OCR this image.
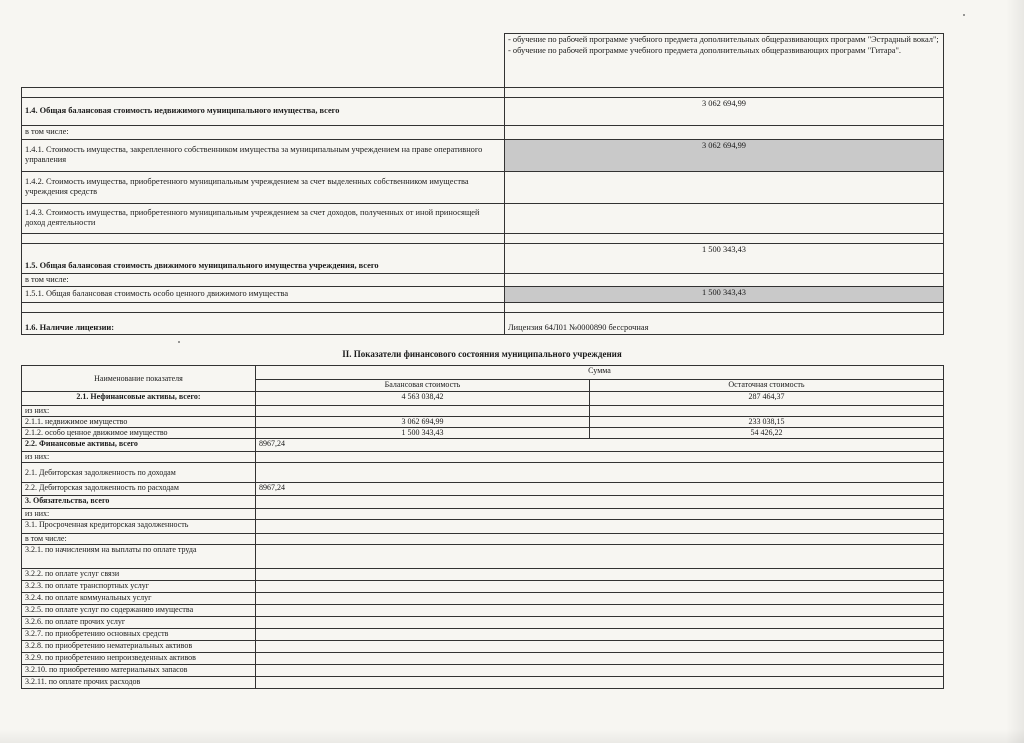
	- обучение по рабочей программе учебного предмета дополнительных общеразвивающих программ "Эстрадный вокал";
- обучение по рабочей программе учебного предмета дополнительных общеразвивающих программ "Гитара".

1.4. Общая балансовая стоимость недвижимого муниципального имущества, всего	3 062 694,99
в том числе:	
1.4.1. Стоимость имущества, закрепленного собственником имущества за муниципальным учреждением на праве оперативного управления	3 062 694,99
1.4.2. Стоимость имущества, приобретенного муниципальным учреждением за счет выделенных собственником имущества учреждения средств	
1.4.3. Стоимость имущества, приобретенного муниципальным учреждением за счет доходов, полученных от иной приносящей доход деятельности	

1.5. Общая балансовая стоимость движимого муниципального имущества учреждения, всего	1 500 343,43
в том числе:	
1.5.1. Общая балансовая стоимость особо ценного движимого имущества	1 500 343,43

1.6. Наличие лицензии:	Лицензия 64Л01 №0000890 бессрочная
II. Показатели финансового состояния муниципального учреждения
Наименование показателя	Сумма	
	Балансовая стоимость	Остаточная стоимость
2.1. Нефинансовые активы, всего:	4 563 038,42	287 464,37
из них:		
2.1.1. недвижимое имущество	3 062 694,99	233 038,15
2.1.2. особо ценное движимое имущество	1 500 343,43	54 426,22
2.2. Финансовые активы, всего	8967,24	
из них:		
2.1. Дебиторская задолженность по доходам		
2.2. Дебиторская задолженность по расходам	8967,24	
3. Обязательства, всего		
из них:		
3.1. Просроченная кредиторская задолженность		
в том числе:		
3.2.1. по начислениям на выплаты по оплате труда		
3.2.2. по оплате услуг связи		
3.2.3. по оплате транспортных услуг		
3.2.4. по оплате коммунальных услуг		
3.2.5. по оплате услуг по содержанию имущества		
3.2.6. по оплате прочих услуг		
3.2.7. по приобретению основных средств		
3.2.8. по приобретению нематериальных активов		
3.2.9. по приобретению непроизведенных активов		
3.2.10. по приобретению материальных запасов		
3.2.11. по оплате прочих расходов		
